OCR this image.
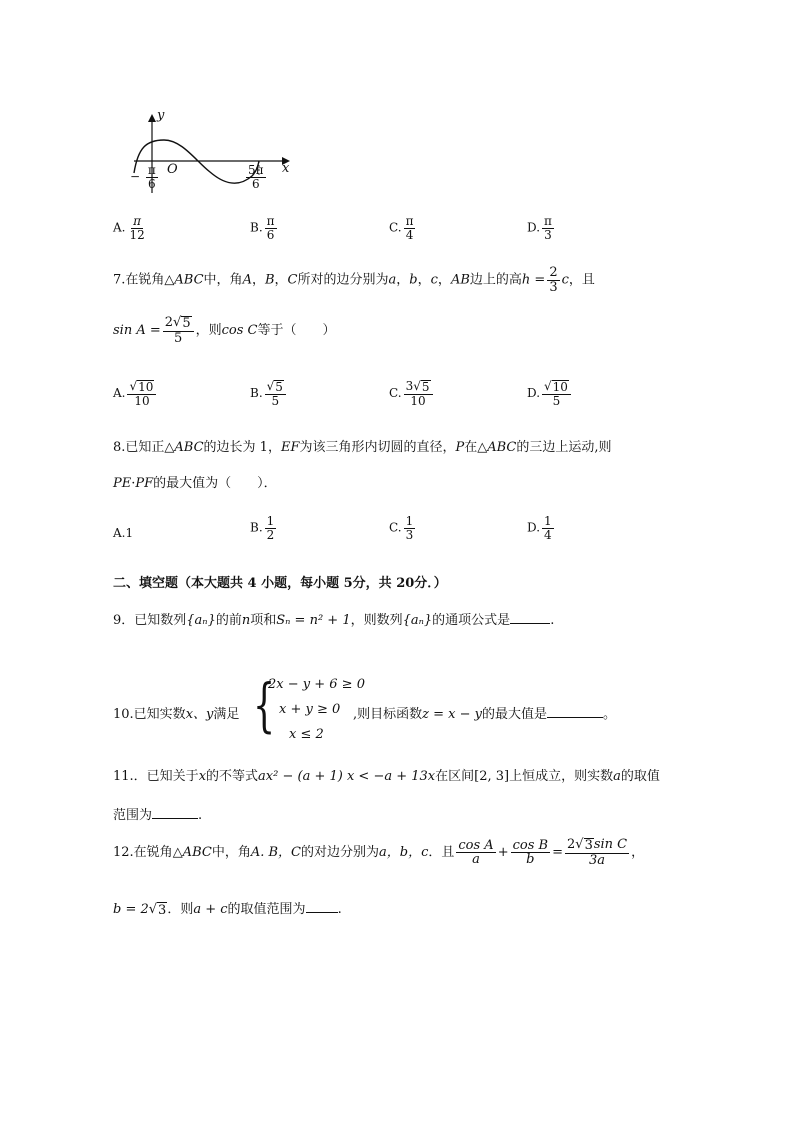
y
x
O
− $\frac{\pi}{6}$	$\frac{5\pi}{6}$
A. $\frac{\pi}{12}$	B. $\frac{\pi}{6}$	C. $\frac{\pi}{4}$	D. $\frac{\pi}{3}$
7.在锐角△ABC中，角A，B，C所对的边分别为a，b，c，AB边上的高$h = \frac{2}{3}$ c，且
$\sin A = \frac{2√ 5}{5}$ ，则cos C等于（　　）
A. $\frac{√ 10}{10}$	B. $\frac{√ 5}{5}$	C. $\frac{3√ 5}{10}$	D. $\frac{√ 10}{5}$
8.已知正△ABC的边长为 1，EF为该三角形内切圆的直径，P在△ABC的三边上运动,则
PE·PF的最大值为（　　）．
A.1	B. $\frac{1}{2}$	C. $\frac{1}{3}$	D. $\frac{1}{4}$
二、填空题（本大题共 4 小题，每小题 5分，共 20分．）
9．已知数列{aₙ}的前n项和Sₙ = n² + 1，则数列{aₙ}的通项公式是	.
10.已知实数x、y满足 {
2x − y + 6 ≥ 0
x + y ≥ 0
x ≤ 2
,则目标函数z = x − y的最大值是	。
11.．已知关于x的不等式ax² − (a + 1) x < −a + 13x在区间[2, 3]上恒成立，则实数a的取值
范围为	.
12.在锐角△ABC中，角A. B，C的对边分别为a，b，c．且 $\frac{\text{cos A}}{a} + \frac{\text{cos B}}{b} = \frac{\text{2√ 3 sin C}}{3a}$ ，
b = 2√ 3 ．则a + c的取值范围为 .
